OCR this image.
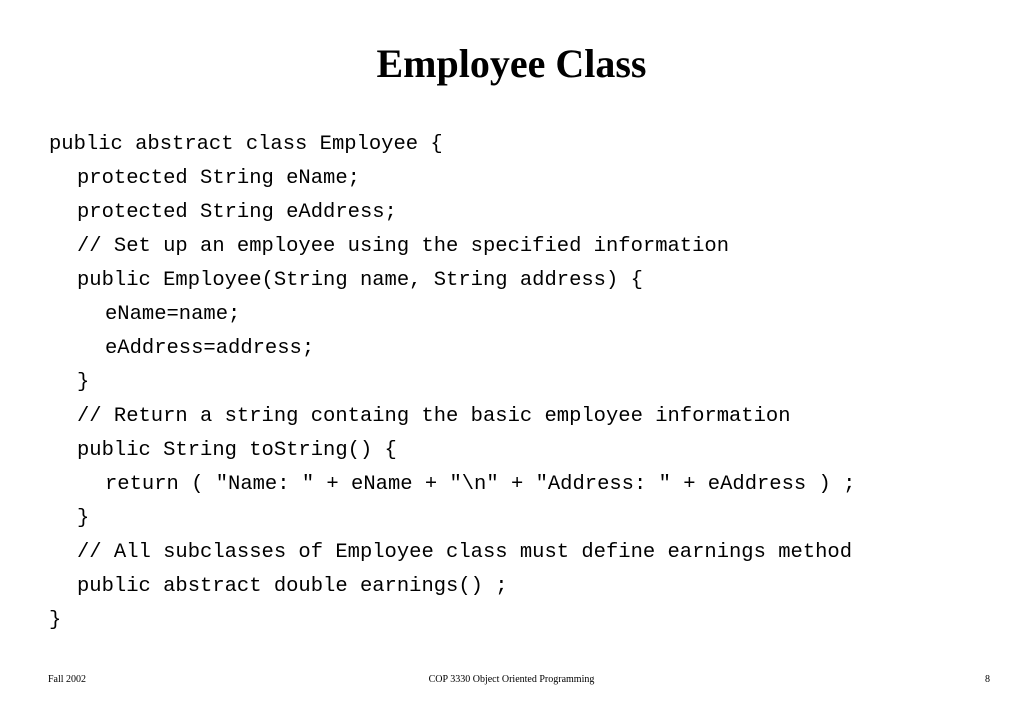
Employee Class
public abstract class Employee {
protected String eName;
protected String eAddress;
// Set up an employee using the specified information
public Employee(String name, String address) {
eName=name;
eAddress=address;
}
// Return a string containg the basic employee information
public String toString() {
return ( "Name: " + eName + "\n" + "Address: " + eAddress ) ;
}
// All subclasses of Employee class must define earnings method
public abstract double earnings() ;
}
Fall 2002	COP 3330 Object Oriented Programming	8
